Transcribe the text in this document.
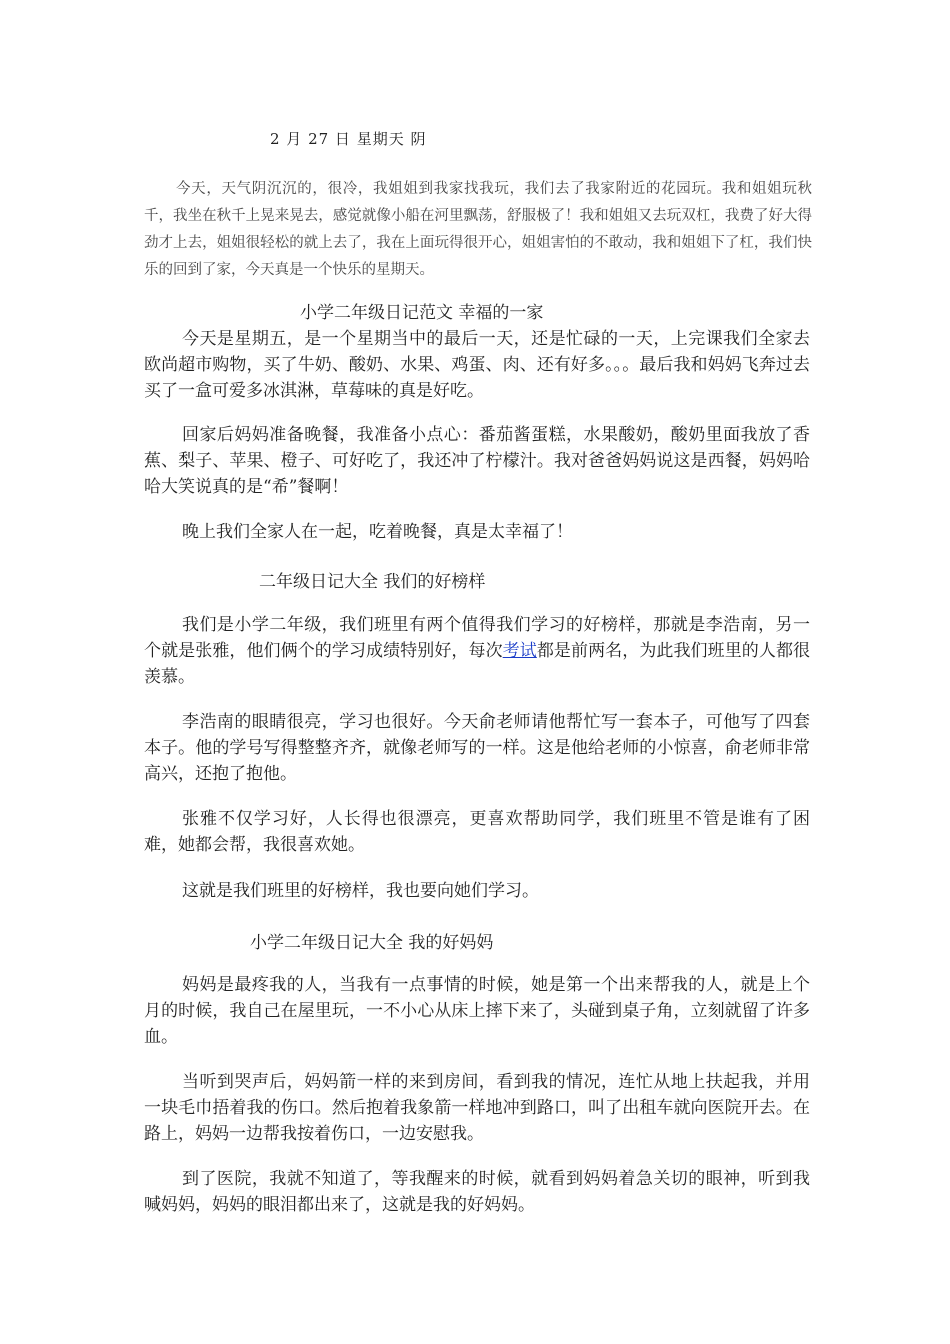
2 月 27 日 星期天 阴

今天，天气阴沉沉的，很冷，我姐姐到我家找我玩，我们去了我家附近的花园玩。我和姐姐玩秋千，我坐在秋千上晃来晃去，感觉就像小船在河里飘荡，舒服极了！我和姐姐又去玩双杠，我费了好大得劲才上去，姐姐很轻松的就上去了，我在上面玩得很开心，姐姐害怕的不敢动，我和姐姐下了杠，我们快乐的回到了家，今天真是一个快乐的星期天。

小学二年级日记范文 幸福的一家

今天是星期五，是一个星期当中的最后一天，还是忙碌的一天，上完课我们全家去欧尚超市购物，买了牛奶、酸奶、水果、鸡蛋、肉、还有好多。。。最后我和妈妈飞奔过去买了一盒可爱多冰淇淋，草莓味的真是好吃。

回家后妈妈准备晚餐，我准备小点心：番茄酱蛋糕，水果酸奶，酸奶里面我放了香蕉、梨子、苹果、橙子、可好吃了，我还冲了柠檬汁。我对爸爸妈妈说这是西餐，妈妈哈哈大笑说真的是“希”餐啊！

晚上我们全家人在一起，吃着晚餐，真是太幸福了！

二年级日记大全 我们的好榜样

我们是小学二年级，我们班里有两个值得我们学习的好榜样，那就是李浩南，另一个就是张雅，他们俩个的学习成绩特别好，每次考试都是前两名，为此我们班里的人都很羡慕。

李浩南的眼睛很亮，学习也很好。今天俞老师请他帮忙写一套本子，可他写了四套本子。他的学号写得整整齐齐，就像老师写的一样。这是他给老师的小惊喜，俞老师非常高兴，还抱了抱他。

张雅不仅学习好，人长得也很漂亮，更喜欢帮助同学，我们班里不管是谁有了困难，她都会帮，我很喜欢她。

这就是我们班里的好榜样，我也要向她们学习。

小学二年级日记大全 我的好妈妈

妈妈是最疼我的人，当我有一点事情的时候，她是第一个出来帮我的人，就是上个月的时候，我自己在屋里玩，一不小心从床上摔下来了，头碰到桌子角，立刻就留了许多血。

当听到哭声后，妈妈箭一样的来到房间，看到我的情况，连忙从地上扶起我，并用一块毛巾捂着我的伤口。然后抱着我象箭一样地冲到路口，叫了出租车就向医院开去。在路上，妈妈一边帮我按着伤口，一边安慰我。

到了医院，我就不知道了，等我醒来的时候，就看到妈妈着急关切的眼神，听到我喊妈妈，妈妈的眼泪都出来了，这就是我的好妈妈。
